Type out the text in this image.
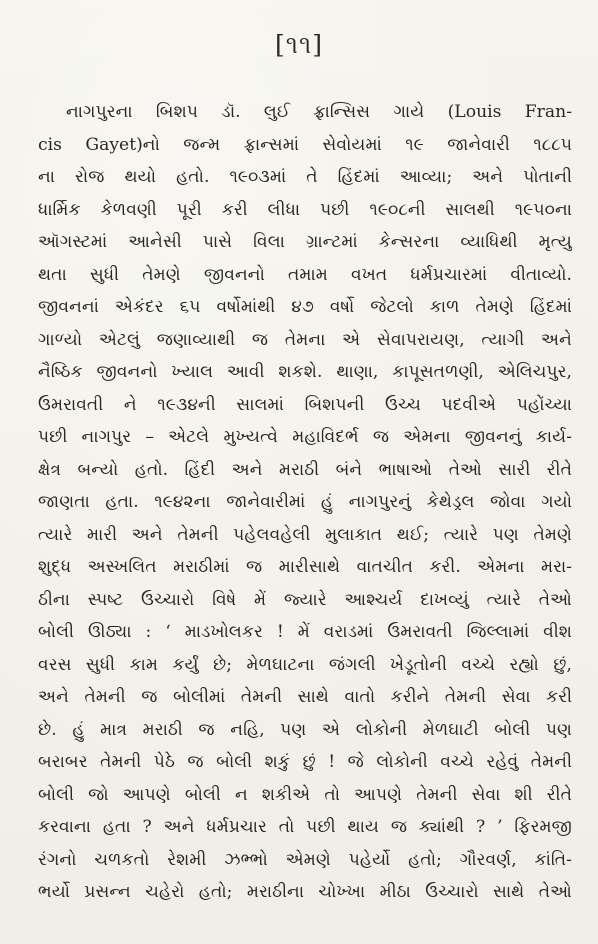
[૧૧]
નાગપુરના બિશપ ડૉ. લુઈ ફ્રાન્સિસ ગાયે (Louis Fran-
cis Gayet)નો જન્મ ફ્રાન્સમાં સેવોયમાં ૧૯ જાનેવારી ૧૮૮૫
ના રોજ થયો હતો. ૧૯૦૩માં તે હિંદમાં આવ્યા; અને પોતાની
ધાર્મિક કેળવણી પૂરી કરી લીધા પછી ૧૯૦૮ની સાલથી ૧૯૫૦ના
ઑગસ્ટમાં આનેસી પાસે વિલા ગ્રાન્ટમાં કેન્સરના વ્યાધિથી મૃત્યુ
થતા સુધી તેમણે જીવનનો તમામ વખત ધર્મપ્રચારમાં વીતાવ્યો.
જીવનનાં એકંદર ૬૫ વર્ષોમાંથી ૪૭ વર્ષો જેટલો કાળ તેમણે હિંદમાં
ગાળ્યો એટલું જણાવ્યાથી જ તેમના એ સેવાપરાયણ, ત્યાગી અને
નૈષ્ઠિક જીવનનો ખ્યાલ આવી શકશે. થાણા, કાપૂસતળણી, એલિચપુર,
ઉમરાવતી ને ૧૯૩૪ની સાલમાં બિશપની ઉચ્ચ પદવીએ પહોંચ્યા
પછી નાગપુર – એટલે મુખ્યત્વે મહાવિદર્ભ જ એમના જીવનનું કાર્ય-
ક્ષેત્ર બન્યો હતો. હિંદી અને મરાઠી બંને ભાષાઓ તેઓ સારી રીતે
જાણતા હતા. ૧૯૪૨ના જાનેવારીમાં હું નાગપુરનું કેથેડ્રલ જોવા ગયો
ત્યારે મારી અને તેમની પહેલવહેલી મુલાકાત થઈ; ત્યારે પણ તેમણે
શુદ્ધ અસ્ખલિત મરાઠીમાં જ મારીસાથે વાતચીત કરી. એમના મરા-
ઠીના સ્પષ્ટ ઉચ્ચારો વિષે મેં જ્યારે આશ્ચર્ય દાખવ્યું ત્યારે તેઓ
બોલી ઊઠ્યા : ‘ માડખોલકર ! મેં વરાડમાં ઉમરાવતી જિલ્લામાં વીશ
વરસ સુધી કામ કર્યું છે; મેળઘાટના જંગલી ખેડૂતોની વચ્ચે રહ્યો છું,
અને તેમની જ બોલીમાં તેમની સાથે વાતો કરીને તેમની સેવા કરી
છે. હું માત્ર મરાઠી જ નહિ, પણ એ લોકોની મેળઘાટી બોલી પણ
બરાબર તેમની પેઠે જ બોલી શકું છું ! જે લોકોની વચ્ચે રહેવું તેમની
બોલી જો આપણે બોલી ન શકીએ તો આપણે તેમની સેવા શી રીતે
કરવાના હતા ? અને ધર્મપ્રચાર તો પછી થાય જ ક્યાંથી ? ’ ફિરમજી
રંગનો ચળકતો રેશમી ઝભ્ભો એમણે પહેર્યો હતો; ગૌરવર્ણ, કાંતિ-
ભર્યો પ્રસન્ન ચહેરો હતો; મરાઠીના ચોખ્ખા મીઠા ઉચ્ચારો સાથે તેઓ
